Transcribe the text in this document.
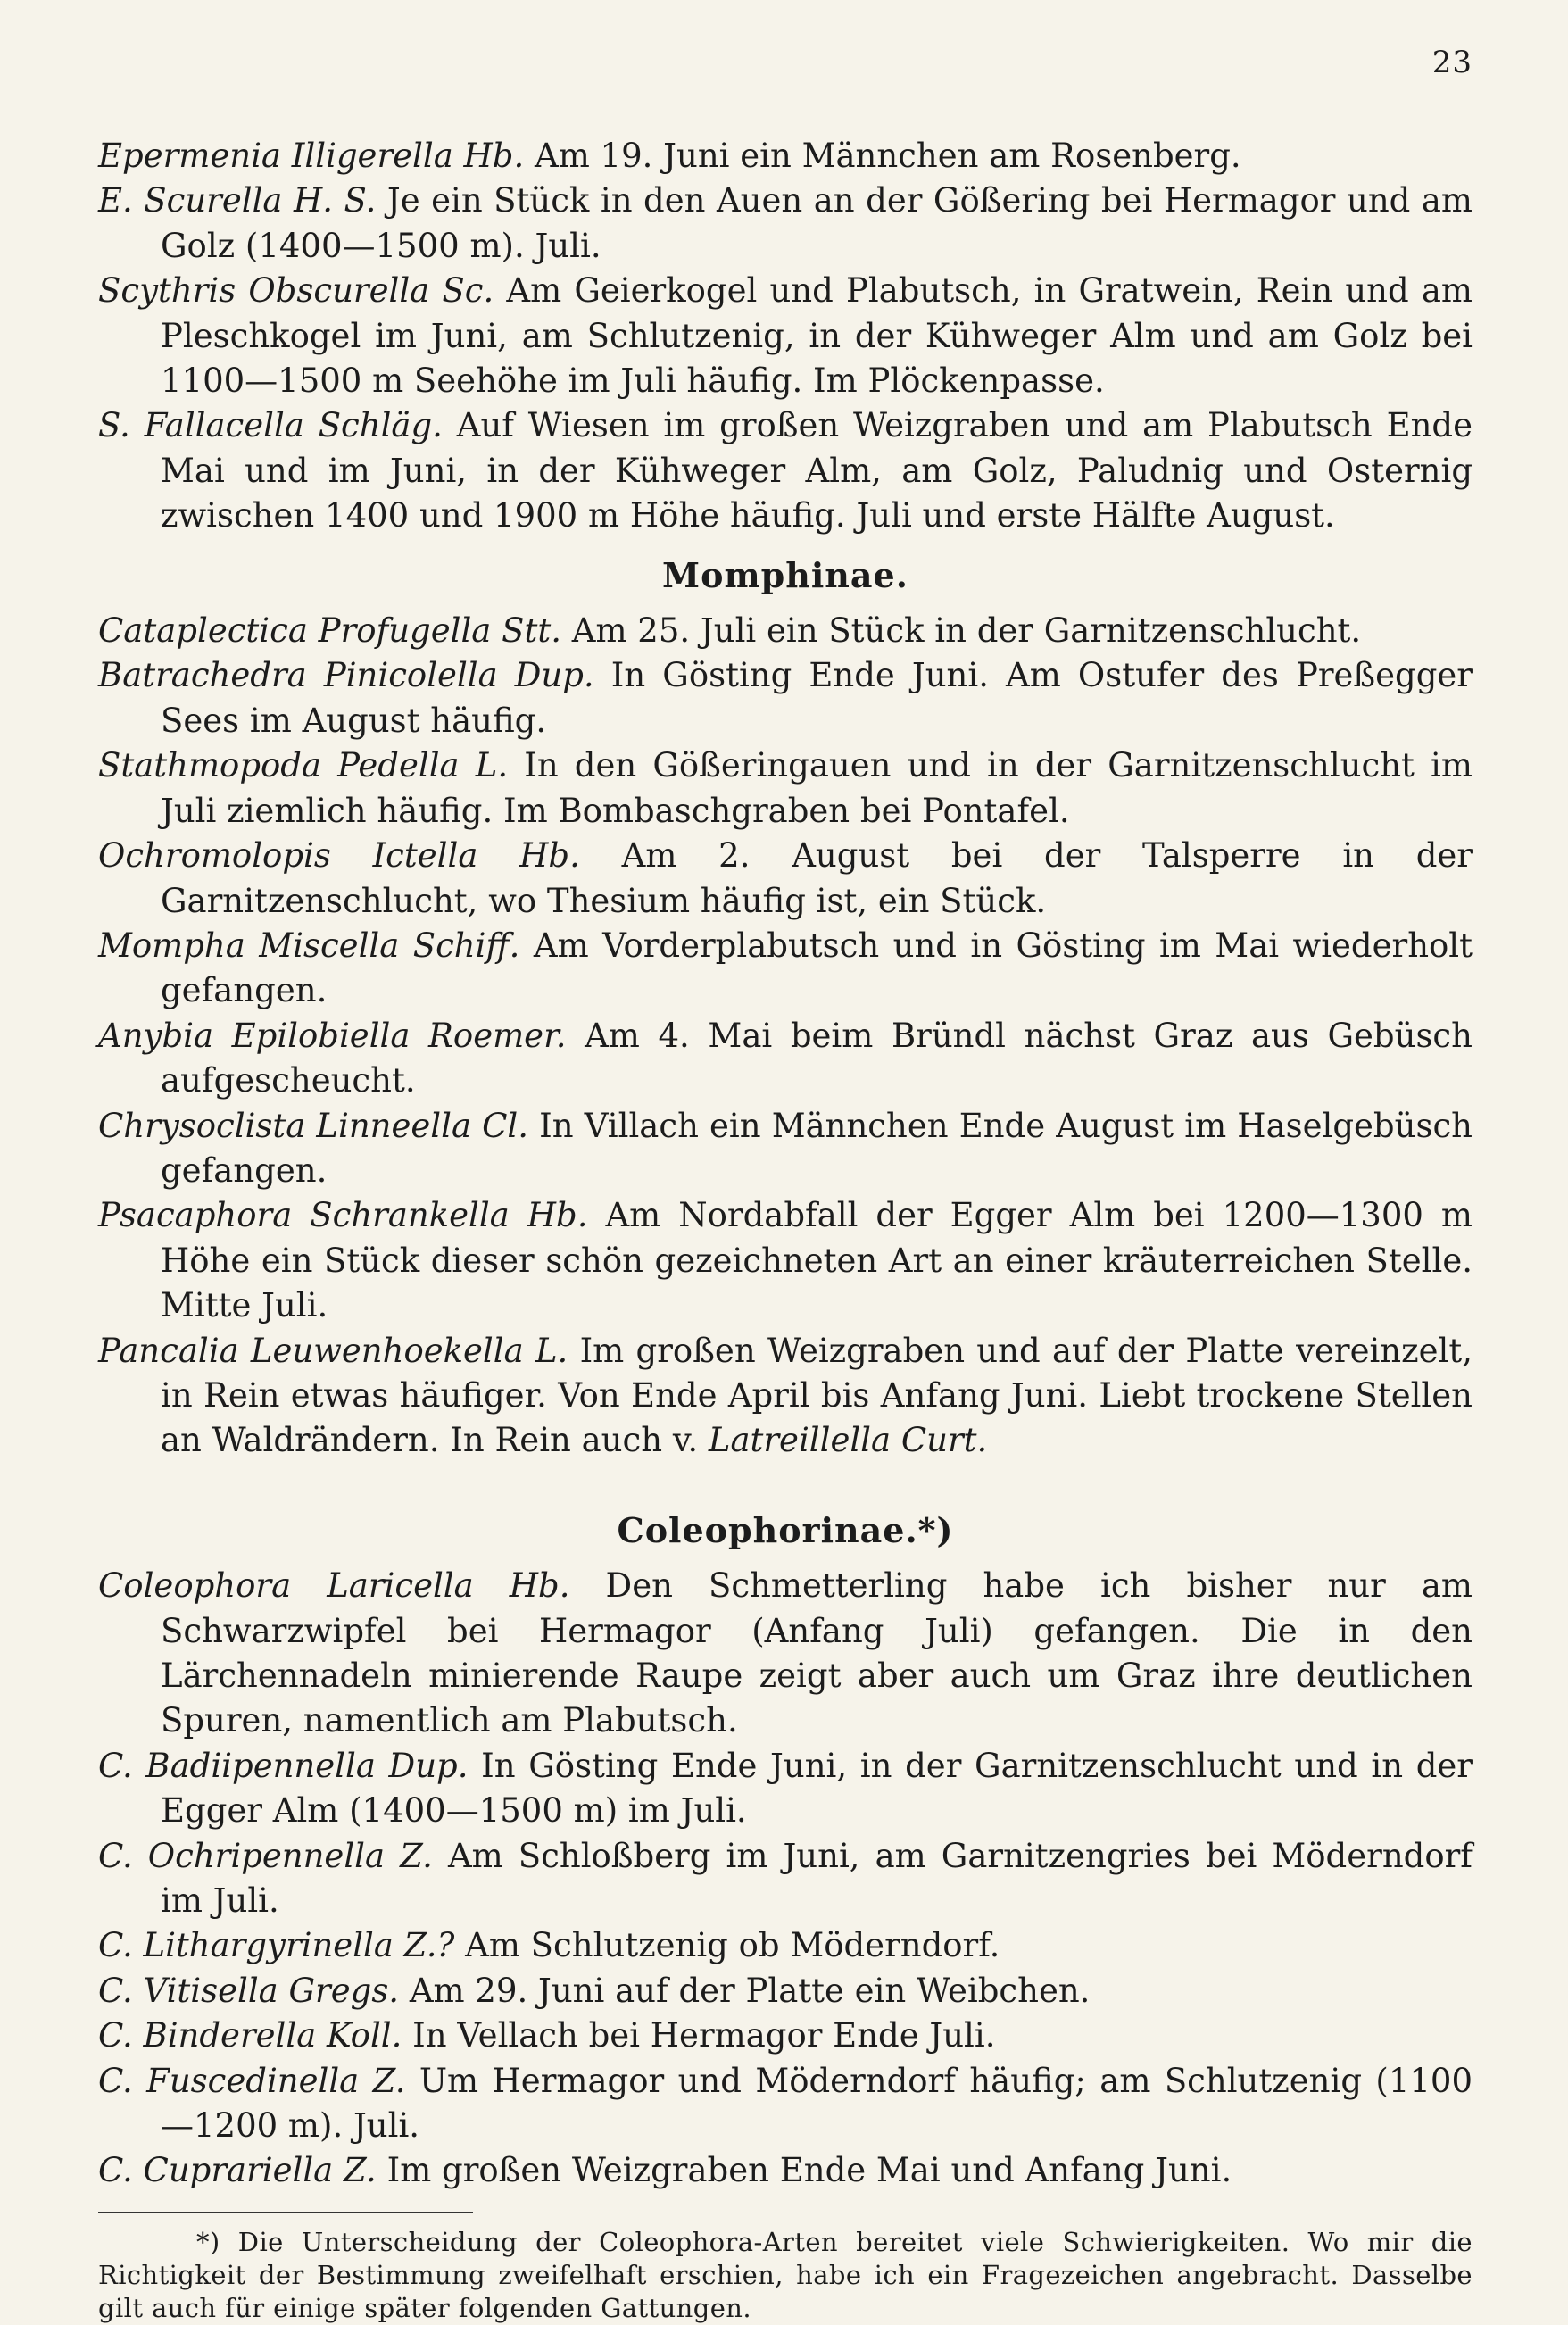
23

Epermenia Illigerella Hb. Am 19. Juni ein Männchen am Rosenberg.

E. Scurella H. S. Je ein Stück in den Auen an der Gößering bei Hermagor und am Golz (1400—1500 m). Juli.

Scythris Obscurella Sc. Am Geierkogel und Plabutsch, in Gratwein, Rein und am Pleschkogel im Juni, am Schlutzenig, in der Kühweger Alm und am Golz bei 1100—1500 m Seehöhe im Juli häufig. Im Plöckenpasse.

S. Fallacella Schläg. Auf Wiesen im großen Weizgraben und am Plabutsch Ende Mai und im Juni, in der Kühweger Alm, am Golz, Paludnig und Osternig zwischen 1400 und 1900 m Höhe häufig. Juli und erste Hälfte August.

Momphinae.

Cataplectica Profugella Stt. Am 25. Juli ein Stück in der Garnitzenschlucht.

Batrachedra Pinicolella Dup. In Gösting Ende Juni. Am Ostufer des Preßegger Sees im August häufig.

Stathmopoda Pedella L. In den Gößeringauen und in der Garnitzenschlucht im Juli ziemlich häufig. Im Bombaschgraben bei Pontafel.

Ochromolopis Ictella Hb. Am 2. August bei der Talsperre in der Garnitzenschlucht, wo Thesium häufig ist, ein Stück.

Mompha Miscella Schiff. Am Vorderplabutsch und in Gösting im Mai wiederholt gefangen.

Anybia Epilobiella Roemer. Am 4. Mai beim Bründl nächst Graz aus Gebüsch aufgescheucht.

Chrysoclista Linneella Cl. In Villach ein Männchen Ende August im Haselgebüsch gefangen.

Psacaphora Schrankella Hb. Am Nordabfall der Egger Alm bei 1200—1300 m Höhe ein Stück dieser schön gezeichneten Art an einer kräuterreichen Stelle. Mitte Juli.

Pancalia Leuwenhoekella L. Im großen Weizgraben und auf der Platte vereinzelt, in Rein etwas häufiger. Von Ende April bis Anfang Juni. Liebt trockene Stellen an Waldrändern. In Rein auch v. Latreillella Curt.

Coleophorinae.*)

Coleophora Laricella Hb. Den Schmetterling habe ich bisher nur am Schwarzwipfel bei Hermagor (Anfang Juli) gefangen. Die in den Lärchennadeln minierende Raupe zeigt aber auch um Graz ihre deutlichen Spuren, namentlich am Plabutsch.

C. Badiipennella Dup. In Gösting Ende Juni, in der Garnitzenschlucht und in der Egger Alm (1400—1500 m) im Juli.

C. Ochripennella Z. Am Schloßberg im Juni, am Garnitzengries bei Möderndorf im Juli.

C. Lithargyrinella Z.? Am Schlutzenig ob Möderndorf.

C. Vitisella Gregs. Am 29. Juni auf der Platte ein Weibchen.

C. Binderella Koll. In Vellach bei Hermagor Ende Juli.

C. Fuscedinella Z. Um Hermagor und Möderndorf häufig; am Schlutzenig (1100—1200 m). Juli.

C. Cuprariella Z. Im großen Weizgraben Ende Mai und Anfang Juni.

*) Die Unterscheidung der Coleophora-Arten bereitet viele Schwierigkeiten. Wo mir die Richtigkeit der Bestimmung zweifelhaft erschien, habe ich ein Fragezeichen angebracht. Dasselbe gilt auch für einige später folgenden Gattungen.
